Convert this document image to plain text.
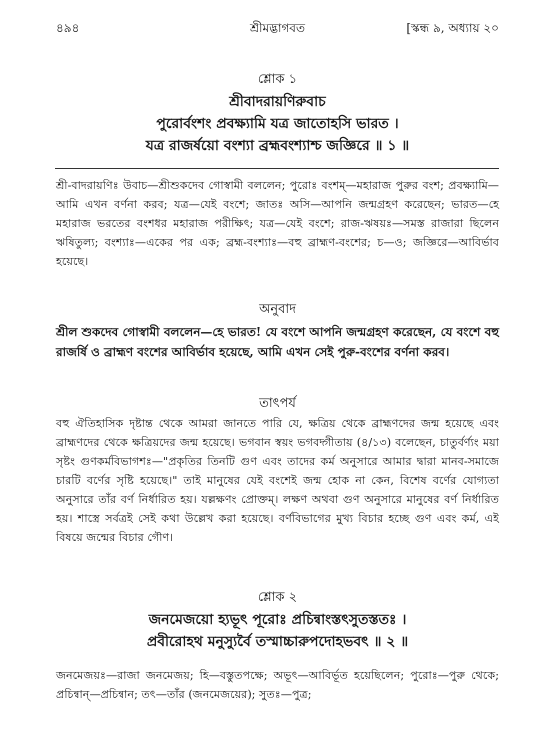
৪৯৪	শ্রীমদ্ভাগবত	[স্কন্ধ ৯, অধ্যায় ২০
শ্লোক ১
শ্রীবাদরায়ণিরুবাচ
পুরোর্বংশং প্রবক্ষ্যামি যত্র জাতোহসি ভারত ।
যত্র রাজর্ষয়ো বংশ্যা ব্রহ্মবংশ্যাশ্চ জজ্ঞিরে ॥ ১ ॥

শ্রী-বাদরায়ণিঃ উবাচ—শ্রীশুকদেব গোস্বামী বললেন; পুরোঃ বংশম্—মহারাজ পুরুর বংশ; প্রবক্ষ্যামি—আমি এখন বর্ণনা করব; যত্র—যেই বংশে; জাতঃ অসি—আপনি জন্মগ্রহণ করেছেন; ভারত—হে মহারাজ ভরতের বংশধর মহারাজ পরীক্ষিৎ; যত্র—যেই বংশে; রাজ-ঋষয়ঃ—সমস্ত রাজারা ছিলেন ঋষিতুল্য; বংশ্যাঃ—একের পর এক; ব্রহ্ম-বংশ্যাঃ—বহু ব্রাহ্মণ-বংশের; চ—ও; জজ্ঞিরে—আবির্ভাব হয়েছে।

অনুবাদ

শ্রীল শুকদেব গোস্বামী বললেন—হে ভারত! যে বংশে আপনি জন্মগ্রহণ করেছেন, যে বংশে বহু রাজর্ষি ও ব্রাহ্মণ বংশের আবির্ভাব হয়েছে, আমি এখন সেই পুরু-বংশের বর্ণনা করব।

তাৎপর্য

বহু ঐতিহাসিক দৃষ্টান্ত থেকে আমরা জানতে পারি যে, ক্ষত্রিয় থেকে ব্রাহ্মণদের জন্ম হয়েছে এবং ব্রাহ্মণদের থেকে ক্ষত্রিয়দের জন্ম হয়েছে। ভগবান স্বয়ং ভগবদ্গীতায় (৪/১৩) বলেছেন, চাতুর্বর্ণ্যং ময়া সৃষ্টং গুণকর্মবিভাগশঃ—"প্রকৃতির তিনটি গুণ এবং তাদের কর্ম অনুসারে আমার দ্বারা মানব-সমাজে চারটি বর্ণের সৃষ্টি হয়েছে।" তাই মানুষের যেই বংশেই জন্ম হোক না কেন, বিশেষ বর্ণের যোগ্যতা অনুসারে তাঁর বর্ণ নির্ধারিত হয়। যল্লক্ষণং প্রোক্তম্। লক্ষণ অথবা গুণ অনুসারে মানুষের বর্ণ নির্ধারিত হয়। শাস্ত্রে সর্বত্রই সেই কথা উল্লেখ করা হয়েছে। বর্ণবিভাগের মুখ্য বিচার হচ্ছে গুণ এবং কর্ম, এই বিষয়ে জন্মের বিচার গৌণ।

শ্লোক ২
জনমেজয়ো হ্যভূৎ পূরোঃ প্রচিন্বাংস্তৎসুতস্ততঃ ।
প্রবীরোহথ মনুস্যুর্বৈ তস্মাচ্চারুপদোহভবৎ ॥ ২ ॥

জনমেজয়ঃ—রাজা জনমেজয়; হি—বস্তুতপক্ষে; অভূৎ—আবির্ভূত হয়েছিলেন; পুরোঃ—পুরু থেকে; প্রচিন্বান্—প্রচিন্বান; তৎ—তাঁর (জনমেজয়ের); সুতঃ—পুত্র;
